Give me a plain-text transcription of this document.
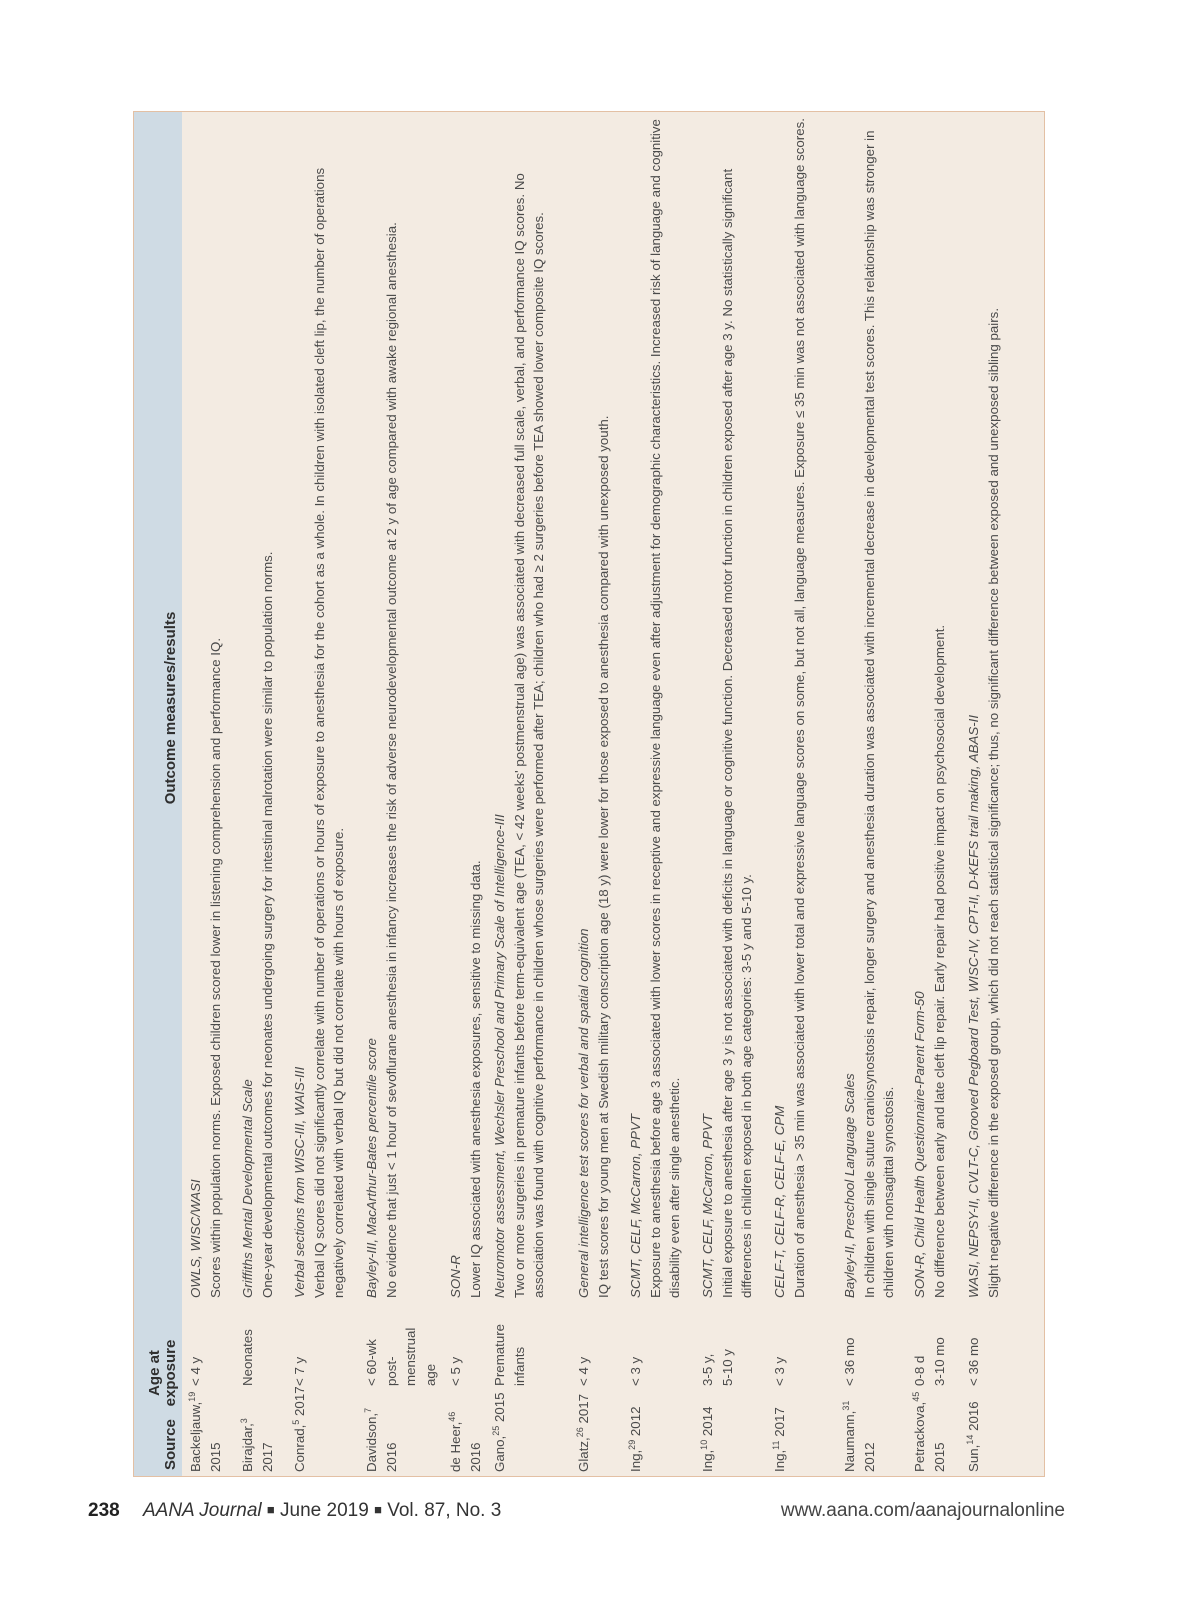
Source
Age at
exposure
Outcome measures/results
Backeljauw,$^{19}$
2015
< 4 y
OWLS, WISC/WASI Scores within population norms. Exposed children scored lower in listening comprehension and performance IQ.
Birajdar,$^3$
2017
Neonates
Griffiths Mental Developmental Scale One-year developmental outcomes for neonates undergoing surgery for intestinal malrotation were similar to population norms.
Conrad,$^5$ 2017
< 7 y
Verbal sections from WISC-III, WAIS-III Verbal IQ scores did not significantly correlate with number of operations or hours of exposure to anesthesia for the cohort as a whole. In children with isolated cleft lip, the number of operations negatively correlated with verbal IQ but did not correlate with hours of exposure.
Davidson,$^7$
2016
< 60-wk post- menstrual age
Bayley-III, MacArthur-Bates percentile score No evidence that just < 1 hour of sevoflurane anesthesia in infancy increases the risk of adverse neurodevelopmental outcome at 2 y of age compared with awake regional anesthesia.
de Heer,$^{46}$ 2016
< 5 y
SON-R Lower IQ associated with anesthesia exposures, sensitive to missing data.
Gano,$^{25}$ 2015
Premature infants
Neuromotor assessment, Wechsler Preschool and Primary Scale of Intelligence-III Two or more surgeries in premature infants before term-equivalent age (TEA, < 42 weeks' postmenstrual age) was associated with decreased full scale, verbal, and performance IQ scores. No association was found with cognitive performance in children whose surgeries were performed after TEA; children who had ≥ 2 surgeries before TEA showed lower composite IQ scores.
Glatz,$^{26}$ 2017
< 4 y
General intelligence test scores for verbal and spatial cognition IQ test scores for young men at Swedish military conscription age (18 y) were lower for those exposed to anesthesia compared with unexposed youth.
Ing,$^{29}$ 2012
< 3 y
SCMT, CELF, McCarron, PPVT Exposure to anesthesia before age 3 associated with lower scores in receptive and expressive language even after adjustment for demographic characteristics. Increased risk of language and cognitive disability even after single anesthetic.
Ing,$^{10}$ 2014
3-5 y, 5-10 y
SCMT, CELF, McCarron, PPVT Initial exposure to anesthesia after age 3 y is not associated with deficits in language or cognitive function. Decreased motor function in children exposed after age 3 y. No statistically significant differences in children exposed in both age categories: 3-5 y and 5-10 y.
Ing,$^{11}$ 2017
< 3 y
CELF-T, CELF-R, CELF-E, CPM Duration of anesthesia > 35 min was associated with lower total and expressive language scores on some, but not all, language measures. Exposure ≤ 35 min was not associated with language scores.
Naumann,$^{31}$ 2012
< 36 mo
Bayley-II, Preschool Language Scales In children with single suture craniosynostosis repair, longer surgery and anesthesia duration was associated with incremental decrease in developmental test scores. This relationship was stronger in children with nonsagittal synostosis.
Petrackova,$^{45}$
2015
0-8 d 3-10 mo
SON-R, Child Health Questionnaire-Parent Form-50 No difference between early and late cleft lip repair. Early repair had positive impact on psychosocial development.
Sun,$^{14}$ 2016
< 36 mo
WASI, NEPSY-II, CVLT-C, Grooved Pegboard Test, WISC-IV, CPT-II, D-KEFS trail making, ABAS-II Slight negative difference in the exposed group, which did not reach statistical significance; thus, no significant difference between exposed and unexposed sibling pairs.
238 AANA Journal ■ June 2019 ■ Vol. 87, No. 3	www.aana.com/aanajournalonline
